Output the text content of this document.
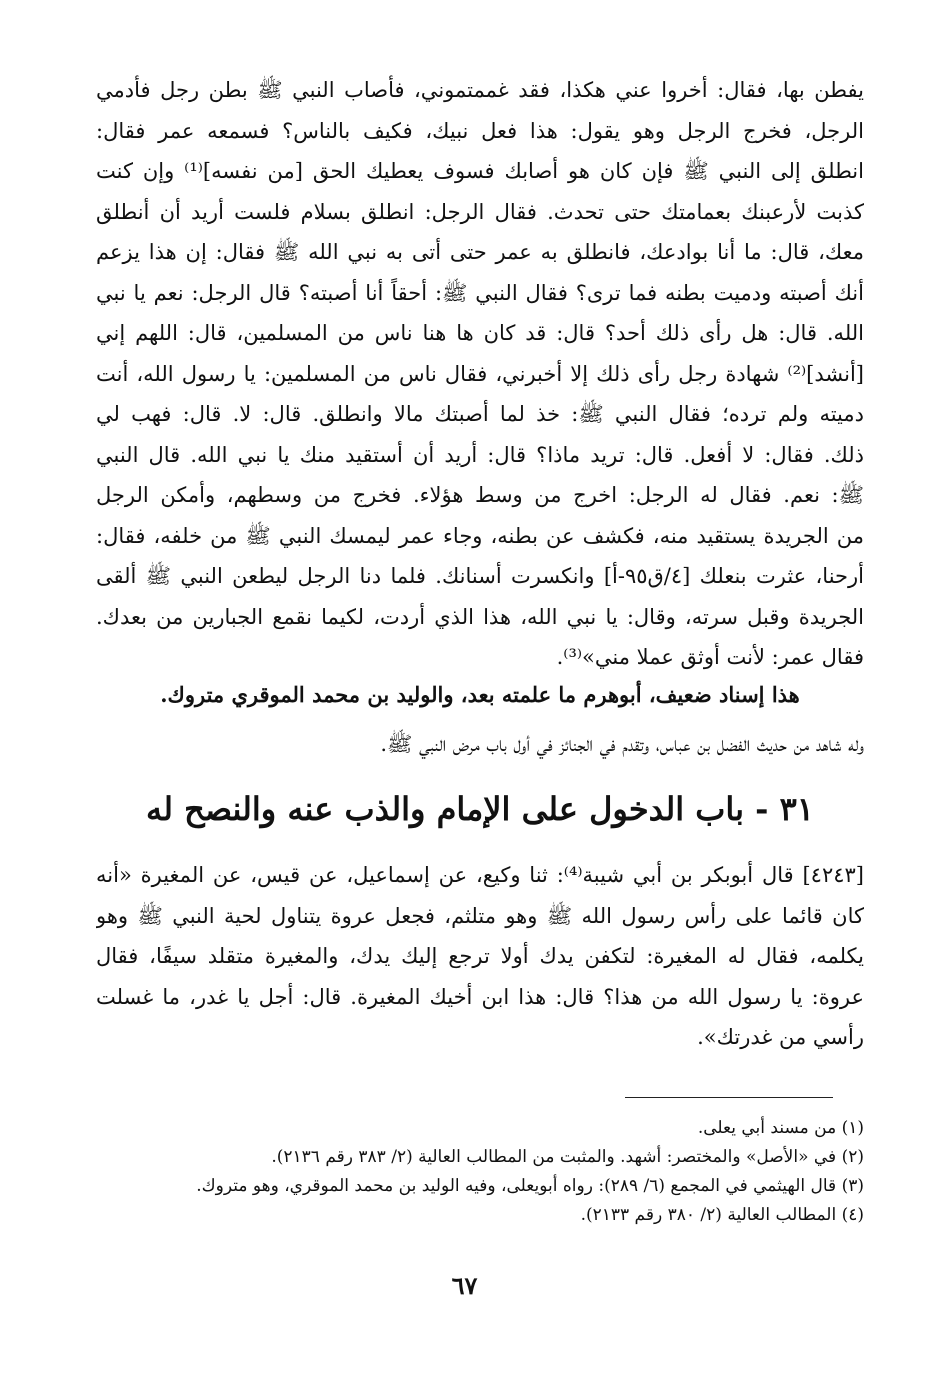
يفطن بها، فقال: أخروا عني هكذا، فقد غممتموني، فأصاب النبي ﷺ بطن رجل فأدمي
الرجل، فخرج الرجل وهو يقول: هذا فعل نبيك، فكيف بالناس؟ فسمعه عمر فقال:
انطلق إلى النبي ﷺ فإن كان هو أصابك فسوف يعطيك الحق [من نفسه]⁽¹⁾ وإن كنت
كذبت لأرعبنك بعمامتك حتى تحدث. فقال الرجل: انطلق بسلام فلست أريد أن أنطلق
معك، قال: ما أنا بوادعك، فانطلق به عمر حتى أتى به نبي الله ﷺ فقال: إن هذا يزعم
أنك أصبته ودميت بطنه فما ترى؟ فقال النبي ﷺ: أحقاً أنا أصبته؟ قال الرجل: نعم يا نبي
الله. قال: هل رأى ذلك أحد؟ قال: قد كان ها هنا ناس من المسلمين، قال: اللهم إني
[أنشد]⁽²⁾ شهادة رجل رأى ذلك إلا أخبرني، فقال ناس من المسلمين: يا رسول الله، أنت
دميته ولم ترده؛ فقال النبي ﷺ: خذ لما أصبتك مالا وانطلق. قال: لا. قال: فهب لي
ذلك. فقال: لا أفعل. قال: تريد ماذا؟ قال: أريد أن أستقيد منك يا نبي الله. قال النبي
ﷺ: نعم. فقال له الرجل: اخرج من وسط هؤلاء. فخرج من وسطهم، وأمكن الرجل
من الجريدة يستقيد منه، فكشف عن بطنه، وجاء عمر ليمسك النبي ﷺ من خلفه، فقال:
أرحنا، عثرت بنعلك [٤/ق٩٥-أ] وانكسرت أسنانك. فلما دنا الرجل ليطعن النبي ﷺ ألقى
الجريدة وقبل سرته، وقال: يا نبي الله، هذا الذي أردت، لكيما نقمع الجبارين من بعدك.
فقال عمر: لأنت أوثق عملا مني»⁽³⁾.
هذا إسناد ضعيف، أبوهرم ما علمته بعد، والوليد بن محمد الموقري متروك.
وله شاهد من حديث الفضل بن عباس، وتقدم في الجنائز في أول باب مرض النبي ﷺ.
٣١ - باب الدخول على الإمام والذب عنه والنصح له
[٤٢٤٣] قال أبوبكر بن أبي شيبة⁽⁴⁾: ثنا وكيع، عن إسماعيل، عن قيس، عن المغيرة «أنه
كان قائما على رأس رسول الله ﷺ وهو متلثم، فجعل عروة يتناول لحية النبي ﷺ وهو
يكلمه، فقال له المغيرة: لتكفن يدك أولا ترجع إليك يدك، والمغيرة متقلد سيفًا، فقال
عروة: يا رسول الله من هذا؟ قال: هذا ابن أخيك المغيرة. قال: أجل يا غدر، ما غسلت
رأسي من غدرتك».
(١) من مسند أبي يعلى.
(٢) في «الأصل» والمختصر: أشهد. والمثبت من المطالب العالية (٢/ ٣٨٣ رقم ٢١٣٦).
(٣) قال الهيثمي في المجمع (٦/ ٢٨٩): رواه أبويعلى، وفيه الوليد بن محمد الموقري، وهو متروك.
(٤) المطالب العالية (٢/ ٣٨٠ رقم ٢١٣٣).
٦٧
